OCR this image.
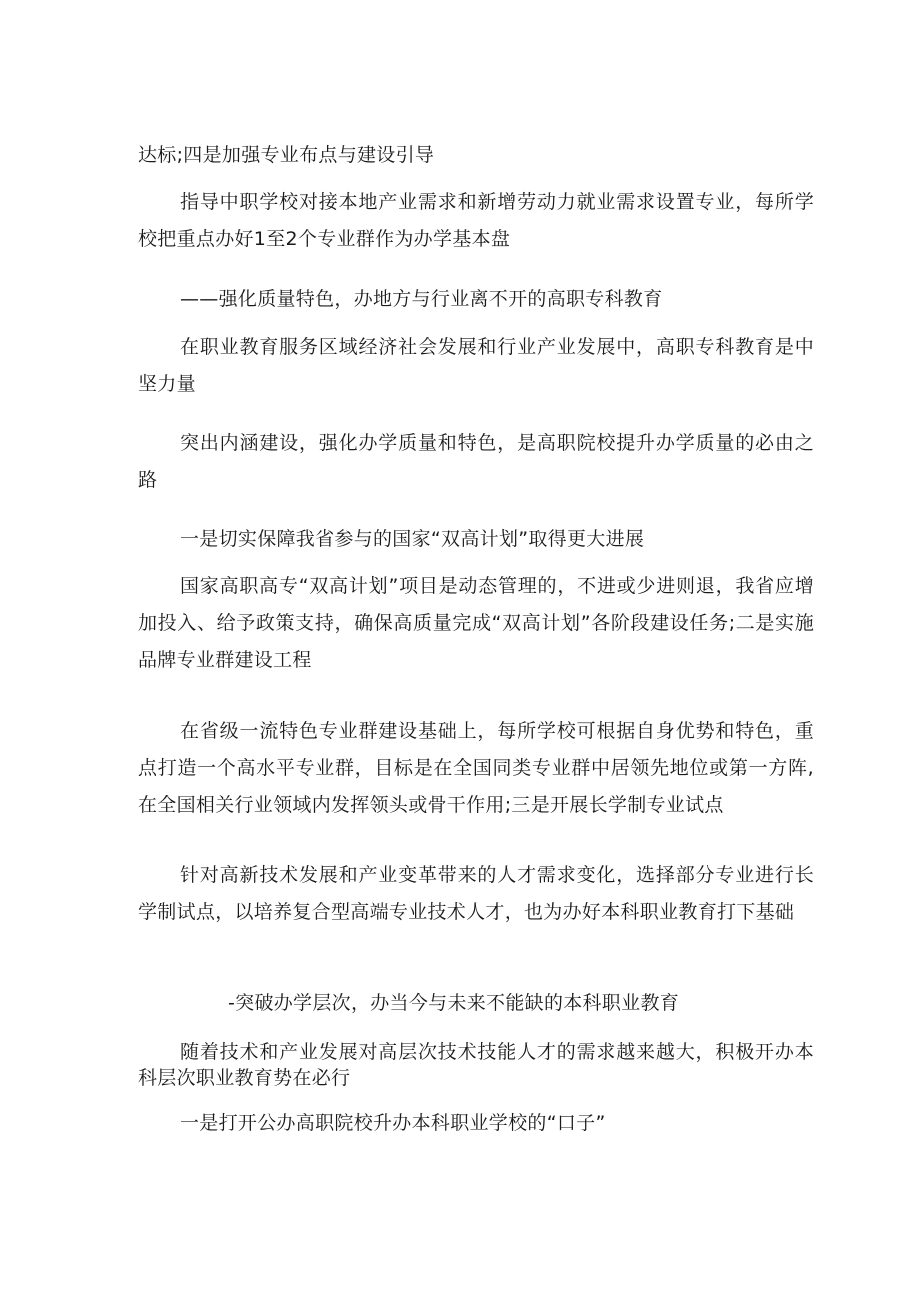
达标;四是加强专业布点与建设引导

指导中职学校对接本地产业需求和新增劳动力就业需求设置专业，每所学校把重点办好1至2个专业群作为办学基本盘

——强化质量特色，办地方与行业离不开的高职专科教育

在职业教育服务区域经济社会发展和行业产业发展中，高职专科教育是中坚力量

突出内涵建设，强化办学质量和特色，是高职院校提升办学质量的必由之路

一是切实保障我省参与的国家“双高计划”取得更大进展

国家高职高专“双高计划”项目是动态管理的，不进或少进则退，我省应增加投入、给予政策支持，确保高质量完成“双高计划”各阶段建设任务;二是实施品牌专业群建设工程

在省级一流特色专业群建设基础上，每所学校可根据自身优势和特色，重点打造一个高水平专业群，目标是在全国同类专业群中居领先地位或第一方阵,在全国相关行业领域内发挥领头或骨干作用;三是开展长学制专业试点

针对高新技术发展和产业变革带来的人才需求变化，选择部分专业进行长学制试点，以培养复合型高端专业技术人才，也为办好本科职业教育打下基础

-突破办学层次，办当今与未来不能缺的本科职业教育

随着技术和产业发展对高层次技术技能人才的需求越来越大，积极开办本科层次职业教育势在必行

一是打开公办高职院校升办本科职业学校的“口子”
